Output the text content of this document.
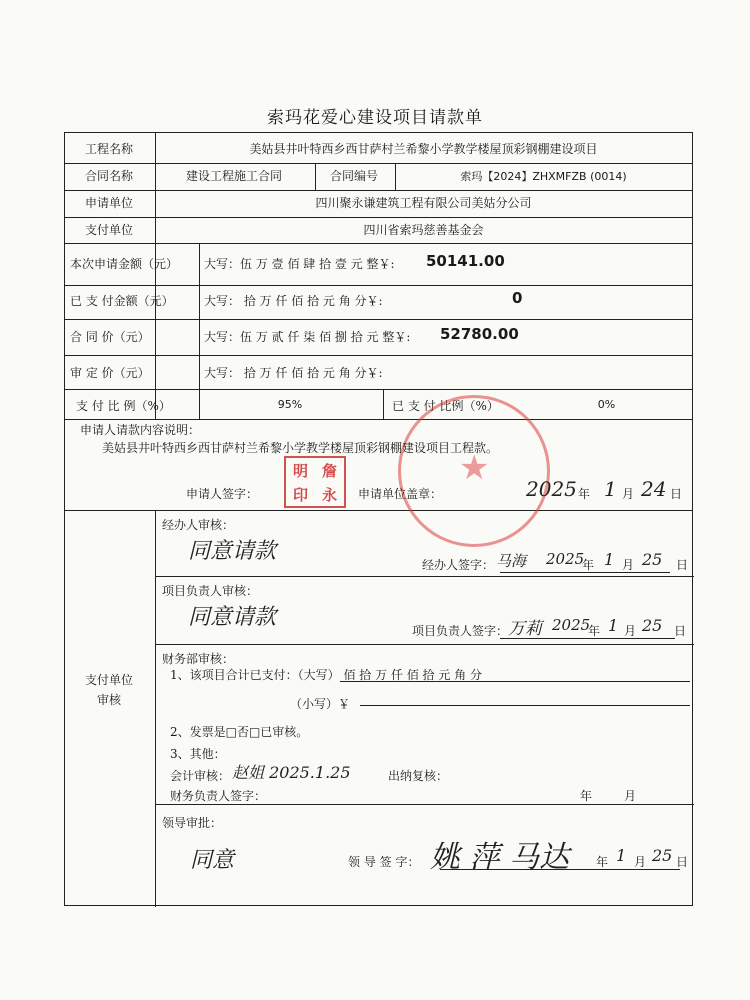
索玛花爱心建设项目请款单
工程名称	美姑县井叶特西乡西甘萨村兰希黎小学教学楼屋顶彩钢棚建设项目
合同名称	建设工程施工合同	合同编号	索玛【2024】ZHXMFZB (0014)
申请单位	四川聚永谦建筑工程有限公司美姑分公司
支付单位	四川省索玛慈善基金会
本次申请金额（元） 大写：伍 万 壹 佰 肆 拾 壹 元 整￥: 50141.00
已 支 付金额（元）	大写： 拾 万 仟 佰 拾 元 角 分￥:	0
合 同 价（元）	大写：伍 万 贰 仟 柒 佰 捌 拾 元 整￥: 52780.00
审 定 价（元）	大写： 拾 万 仟 佰 拾 元 角 分￥:
支 付 比 例（%）	95%	已 支 付 比例（%）	0%
★
申请人请款内容说明：
美姑县井叶特西乡西甘萨村兰希黎小学教学楼屋顶彩钢棚建设项目工程款。
申请人签字：
明 詹
印 永	申请单位盖章：	2025 年 1 月 24 日
支付单位
审核
经办人审核：
同意请款
经办人签字： 马海 2025
年 1 月 25 日
项目负责人审核：
同意请款
项目负责人签字： 万莉 2025
年 1 月 25 日
财务部审核：
1、该项目合计已支付：（大写） 佰 拾 万 仟 佰 拾 元 角 分
（小写）￥
2、发票是□否□已审核。
3、其他：
会计审核： 赵姐 2025.1.25	出纳复核：
财务负责人签字：	年	月
领导审批：
同意	领 导 签 字： 姚 萍 马达 年 1 月 25 日
